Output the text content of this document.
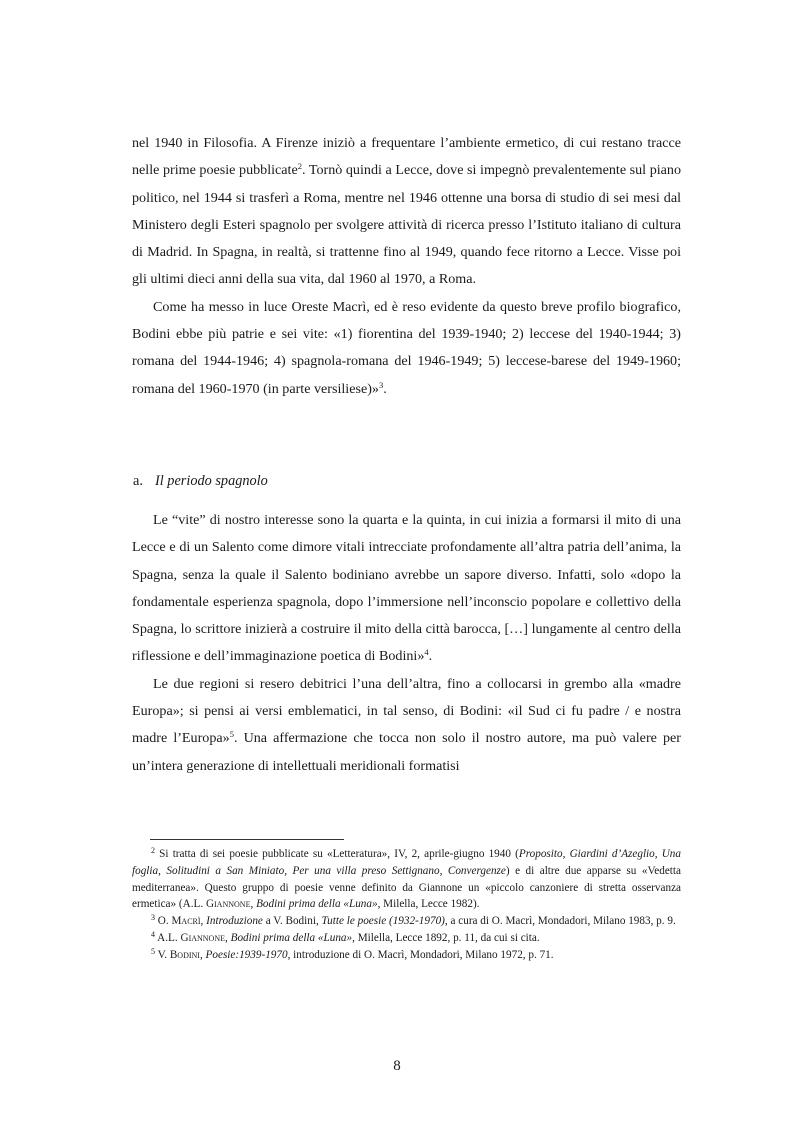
nel 1940 in Filosofia. A Firenze iniziò a frequentare l’ambiente ermetico, di cui restano tracce nelle prime poesie pubblicate$^2$. Tornò quindi a Lecce, dove si impegnò prevalentemente sul piano politico, nel 1944 si trasferì a Roma, mentre nel 1946 ottenne una borsa di studio di sei mesi dal Ministero degli Esteri spagnolo per svolgere attività di ricerca presso l’Istituto italiano di cultura di Madrid. In Spagna, in realtà, si trattenne fino al 1949, quando fece ritorno a Lecce. Visse poi gli ultimi dieci anni della sua vita, dal 1960 al 1970, a Roma.

Come ha messo in luce Oreste Macrì, ed è reso evidente da questo breve profilo biografico, Bodini ebbe più patrie e sei vite: «1) fiorentina del 1939-1940; 2) leccese del 1940-1944; 3) romana del 1944-1946; 4) spagnola-romana del 1946-1949; 5) leccese-barese del 1949-1960; romana del 1960-1970 (in parte versiliese)»$^3$.

a. Il periodo spagnolo

Le “vite” di nostro interesse sono la quarta e la quinta, in cui inizia a formarsi il mito di una Lecce e di un Salento come dimore vitali intrecciate profondamente all’altra patria dell’anima, la Spagna, senza la quale il Salento bodiniano avrebbe un sapore diverso. Infatti, solo «dopo la fondamentale esperienza spagnola, dopo l’immersione nell’inconscio popolare e collettivo della Spagna, lo scrittore inizierà a costruire il mito della città barocca, […] lungamente al centro della riflessione e dell’immaginazione poetica di Bodini»$^4$.

Le due regioni si resero debitrici l’una dell’altra, fino a collocarsi in grembo alla «madre Europa»; si pensi ai versi emblematici, in tal senso, di Bodini: «il Sud ci fu padre / e nostra madre l’Europa»$^5$. Una affermazione che tocca non solo il nostro autore, ma può valere per un’intera generazione di intellettuali meridionali formatisi

$^2$ Si tratta di sei poesie pubblicate su «Letteratura», IV, 2, aprile-giugno 1940 (Proposito, Giardini d’Azeglio, Una foglia, Solitudini a San Miniato, Per una villa preso Settignano, Convergenze) e di altre due apparse su «Vedetta mediterranea». Questo gruppo di poesie venne definito da Giannone un «piccolo canzoniere di stretta osservanza ermetica» (A.L. Giannone, Bodini prima della «Luna», Milella, Lecce 1982).

$^3$ O. Macrì, Introduzione a V. Bodini, Tutte le poesie (1932-1970), a cura di O. Macrì, Mondadori, Milano 1983, p. 9.

$^4$ A.L. Giannone, Bodini prima della «Luna», Milella, Lecce 1892, p. 11, da cui si cita.

$^5$ V. Bodini, Poesie:1939-1970, introduzione di O. Macrì, Mondadori, Milano 1972, p. 71.

8
